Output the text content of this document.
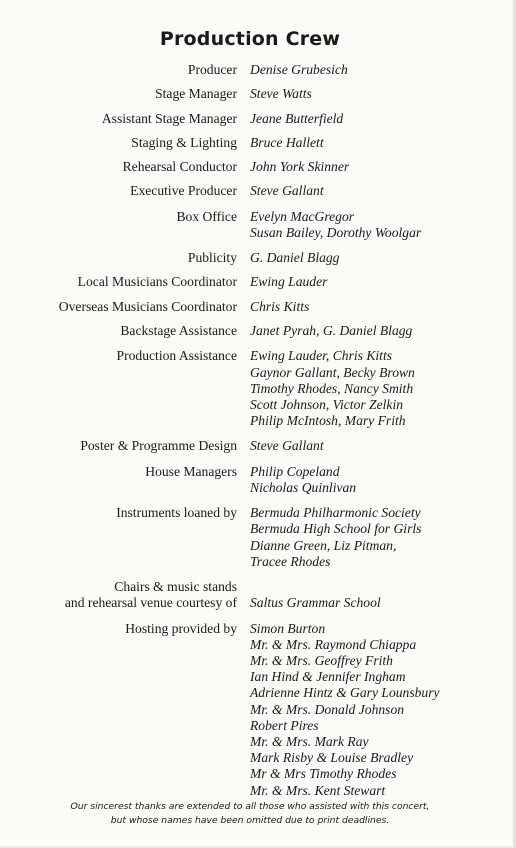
Production Crew
Producer Denise Grubesich
Stage Manager Steve Watts
Assistant Stage Manager Jeane Butterfield
Staging & Lighting Bruce Hallett
Rehearsal Conductor John York Skinner
Executive Producer Steve Gallant
Box Office Evelyn MacGregor
Susan Bailey, Dorothy Woolgar
Publicity G. Daniel Blagg
Local Musicians Coordinator Ewing Lauder
Overseas Musicians Coordinator Chris Kitts
Backstage Assistance Janet Pyrah, G. Daniel Blagg
Production Assistance Ewing Lauder, Chris Kitts
Gaynor Gallant, Becky Brown
Timothy Rhodes, Nancy Smith
Scott Johnson, Victor Zelkin
Philip McIntosh, Mary Frith
Poster & Programme Design Steve Gallant
House Managers Philip Copeland
Nicholas Quinlivan
Instruments loaned by Bermuda Philharmonic Society
Bermuda High School for Girls
Dianne Green, Liz Pitman,
Tracee Rhodes
Chairs & music stands
and rehearsal venue courtesy of Saltus Grammar School
Hosting provided by Simon Burton
Mr. & Mrs. Raymond Chiappa
Mr. & Mrs. Geoffrey Frith
Ian Hind & Jennifer Ingham
Adrienne Hintz & Gary Lounsbury
Mr. & Mrs. Donald Johnson
Robert Pires
Mr. & Mrs. Mark Ray
Mark Risby & Louise Bradley
Mr & Mrs Timothy Rhodes
Mr. & Mrs. Kent Stewart
Our sincerest thanks are extended to all those who assisted with this concert,
but whose names have been omitted due to print deadlines.
